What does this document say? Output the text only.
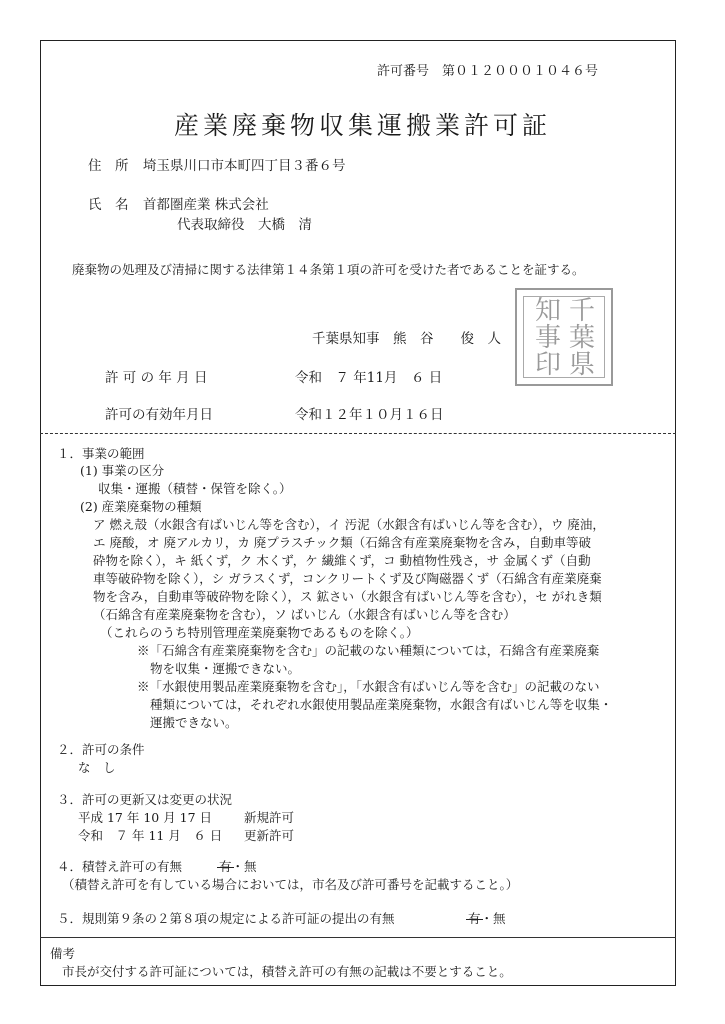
許可番号　第０１２０００１０４６号
産業廃棄物収集運搬業許可証
住　所 埼玉県川口市本町四丁目３番６号
氏　名 首都圏産業 株式会社
代表取締役　大橋　清
廃棄物の処理及び清掃に関する法律第１４条第１項の許可を受けた者であることを証する。
千
葉
県
知
事
印
千葉県知事　熊　谷　　俊　人
許 可 の 年 月 日	令和　７ 年11月　６ 日
許可の有効年月日	令和１２年１０月１６日
１．事業の範囲
(1) 事業の区分
収集・運搬（積替・保管を除く。）
(2) 産業廃棄物の種類
ア 燃え殻（水銀含有ばいじん等を含む），イ 汚泥（水銀含有ばいじん等を含む），ウ 廃油，
エ 廃酸，オ 廃アルカリ，カ 廃プラスチック類（石綿含有産業廃棄物を含み，自動車等破
砕物を除く），キ 紙くず，ク 木くず，ケ 繊維くず，コ 動植物性残さ，サ 金属くず（自動
車等破砕物を除く），シ ガラスくず，コンクリートくず及び陶磁器くず（石綿含有産業廃棄
物を含み，自動車等破砕物を除く），ス 鉱さい（水銀含有ばいじん等を含む），セ がれき類
（石綿含有産業廃棄物を含む），ソ ばいじん（水銀含有ばいじん等を含む）
（これらのうち特別管理産業廃棄物であるものを除く。）
※「石綿含有産業廃棄物を含む」の記載のない種類については，石綿含有産業廃棄
物を収集・運搬できない。
※「水銀使用製品産業廃棄物を含む」，「水銀含有ばいじん等を含む」の記載のない
種類については，それぞれ水銀使用製品産業廃棄物，水銀含有ばいじん等を収集・
運搬できない。
２．許可の条件
な　し
３．許可の更新又は変更の状況
平成 17 年 10 月 17 日	新規許可
令和　７ 年 11 月　６ 日 更新許可
４．積替え許可の有無	有・無
（積替え許可を有している場合においては，市名及び許可番号を記載すること。）
５．規則第９条の２第８項の規定による許可証の提出の有無	有・無
備考
市長が交付する許可証については，積替え許可の有無の記載は不要とすること。
